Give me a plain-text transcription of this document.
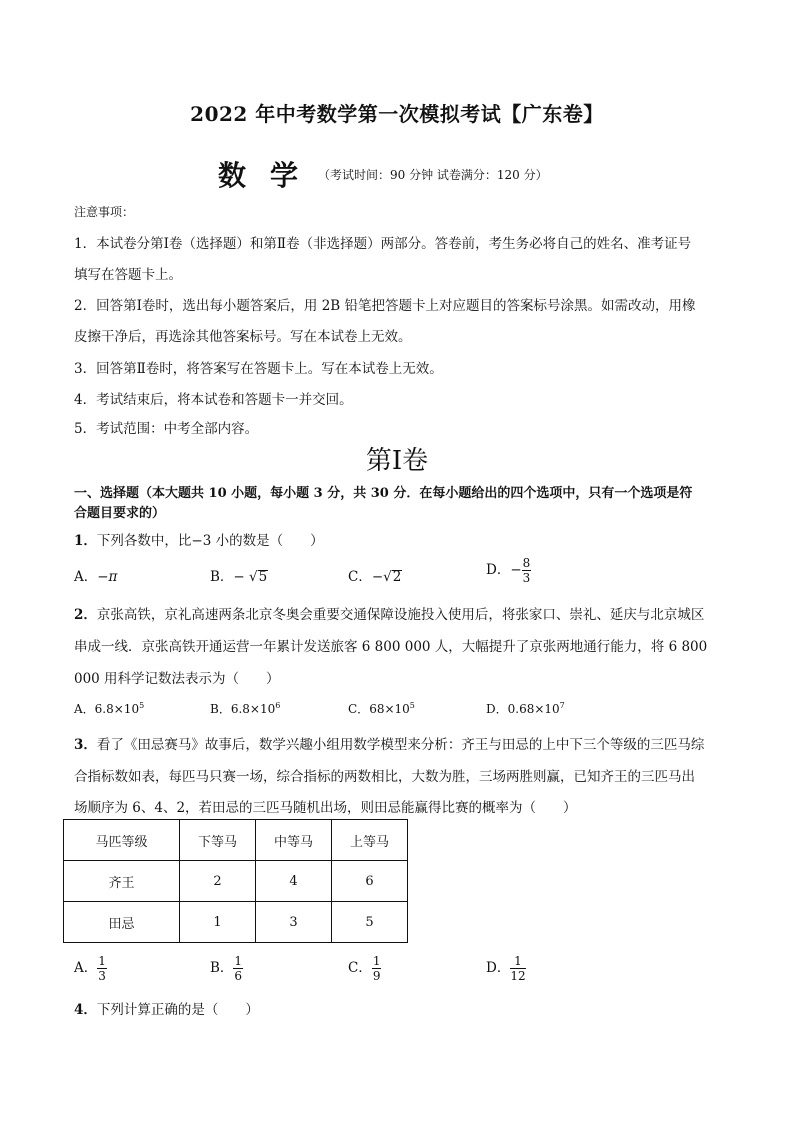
2022 年中考数学第一次模拟考试【广东卷】
数学
（考试时间：90 分钟 试卷满分：120 分）
注意事项：
1．本试卷分第Ⅰ卷（选择题）和第Ⅱ卷（非选择题）两部分。答卷前，考生务必将自己的姓名、准考证号
填写在答题卡上。
2．回答第Ⅰ卷时，选出每小题答案后，用 2B 铅笔把答题卡上对应题目的答案标号涂黑。如需改动，用橡
皮擦干净后，再选涂其他答案标号。写在本试卷上无效。
3．回答第Ⅱ卷时，将答案写在答题卡上。写在本试卷上无效。
4．考试结束后，将本试卷和答题卡一并交回。
5．考试范围：中考全部内容。
第Ⅰ卷
一、选择题（本大题共 10 小题，每小题 3 分，共 30 分．在每小题给出的四个选项中，只有一个选项是符
合题目要求的）
1．下列各数中，比−3 小的数是（　　）
A．−π	B．− √5	C．−√2	D．− $\frac{8}{3}$
2．京张高铁，京礼高速两条北京冬奥会重要交通保障设施投入使用后，将张家口、崇礼、延庆与北京城区
串成一线．京张高铁开通运营一年累计发送旅客 6 800 000 人，大幅提升了京张两地通行能力，将 6 800
000 用科学记数法表示为（　　）
A．$6.8\times 10^5$	B．$6.8\times 10^6$	C．$68\times 10^5$	D．$0.68\times 10^7$
3．看了《田忌赛马》故事后，数学兴趣小组用数学模型来分析：齐王与田忌的上中下三个等级的三匹马综
合指标数如表，每匹马只赛一场，综合指标的两数相比，大数为胜，三场两胜则赢，已知齐王的三匹马出
场顺序为 6、4、2，若田忌的三匹马随机出场，则田忌能赢得比赛的概率为（　　）
马匹等级	下等马	中等马	上等马
齐王	2	4	6
田忌	1	3	5
A． $\frac{1}{3}$	B． $\frac{1}{6}$	C． $\frac{1}{9}$	D． $\frac{1}{12}$
4．下列计算正确的是（　　）
